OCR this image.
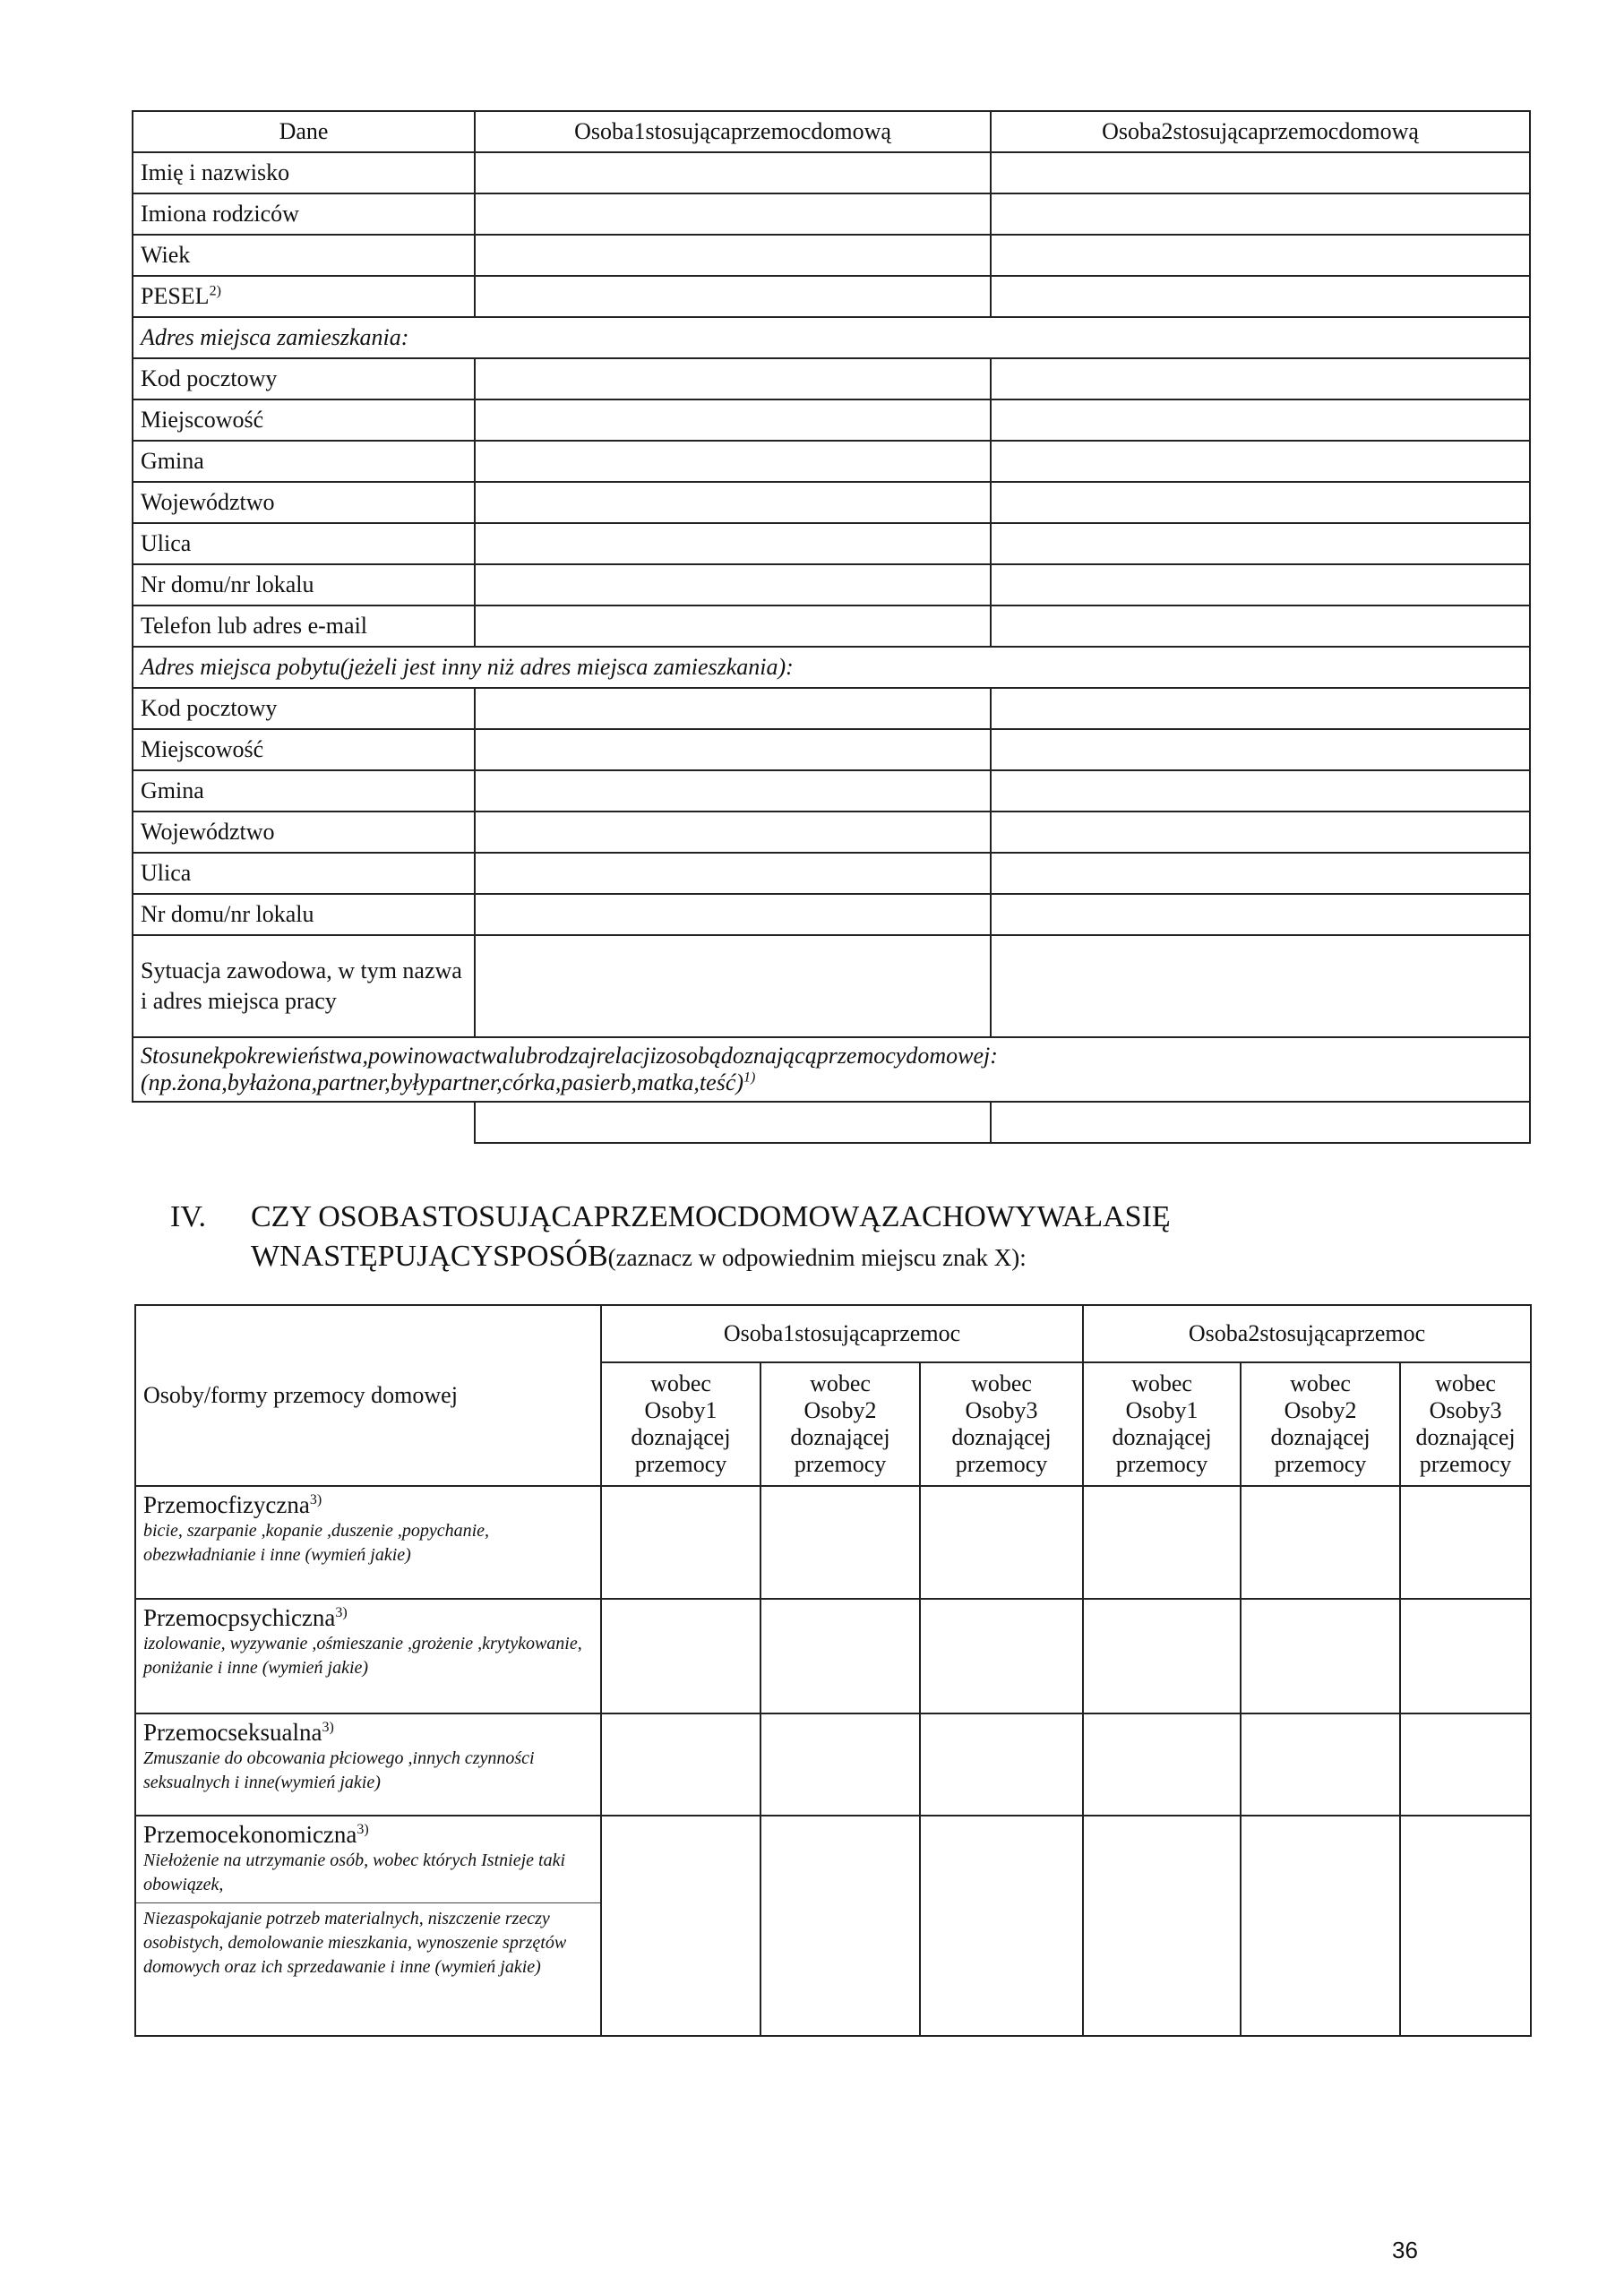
Dane	Osoba1stosującaprzemocdomową	Osoba2stosującaprzemocdomową
Imię i nazwisko		
Imiona rodziców		
Wiek		
PESEL$^{2)}$		
Adres miejsca zamieszkania:		
Kod pocztowy		
Miejscowość		
Gmina		
Województwo		
Ulica		
Nr domu/nr lokalu		
Telefon lub adres e-mail		
Adres miejsca pobytu(jeżeli jest inny niż adres miejsca zamieszkania):		
Kod pocztowy		
Miejscowość		
Gmina		
Województwo		
Ulica		
Nr domu/nr lokalu		
Sytuacja zawodowa, w tym nazwa i adres miejsca pracy		
Stosunekpokrewieństwa,powinowactwalubrodzajrelacjizosobądoznającąprzemocydomowej:
(np.żona,byłażona,partner,byłypartner,córka,pasierb,matka,teść)$^{1)}$

IV. CZY OSOBASTOSUJĄCAPRZEMOCDOMOWĄZACHOWYWAŁASIĘ
WNASTĘPUJĄCYSPOSÓB(zaznacz w odpowiednim miejscu znak X):
Osoby/formy przemocy domowej	Osoba1stosującaprzemoc			Osoba2stosującaprzemoc		
	wobec
Osoby1
doznającej
przemocy	wobec
Osoby2
doznającej
przemocy	wobec
Osoby3
doznającej
przemocy	wobec
Osoby1
doznającej
przemocy	wobec
Osoby2
doznającej
przemocy	wobec
Osoby3
doznającej
przemocy

Przemocfizyczna$^{3)}$
bicie, szarpanie ,kopanie ,duszenie ,popychanie, obezwładnianie i inne (wymień jakie)						

Przemocpsychiczna$^{3)}$
izolowanie, wyzywanie ,ośmieszanie ,grożenie ,krytykowanie, poniżanie i inne (wymień jakie)						

Przemocseksualna$^{3)}$
Zmuszanie do obcowania płciowego ,innych czynności seksualnych i inne(wymień jakie)						

Przemocekonomiczna$^{3)}$
Niełożenie na utrzymanie osób, wobec których Istnieje taki obowiązek,
Niezaspokajanie potrzeb materialnych, niszczenie rzeczy osobistych, demolowanie mieszkania, wynoszenie sprzętów domowych oraz ich sprzedawanie i inne (wymień jakie)						

36
